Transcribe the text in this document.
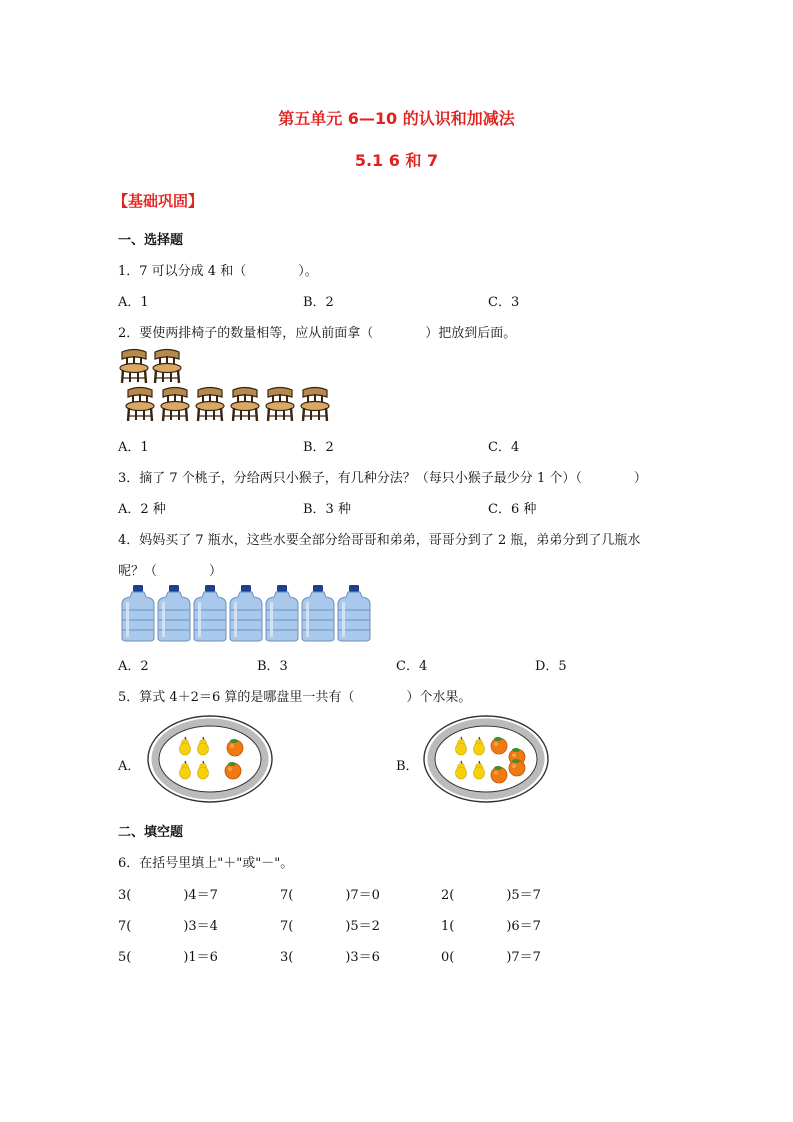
第五单元 6—10 的认识和加减法
5.1 6 和 7
【基础巩固】
一、选择题
1．7 可以分成 4 和（　　　　）。
A．1	B．2	C．3
2．要使两排椅子的数量相等，应从前面拿（　　　　）把放到后面。
A．1	B．2	C．4
3．摘了 7 个桃子，分给两只小猴子，有几种分法？（每只小猴子最少分 1 个）（　　　　）
A．2 种	B．3 种	C．6 种
4．妈妈买了 7 瓶水，这些水要全部分给哥哥和弟弟，哥哥分到了 2 瓶，弟弟分到了几瓶水
呢？（　　　　）
A．2	B．3	C．4	D．5
5．算式 4＋2＝6 算的是哪盘里一共有（　　　　）个水果。
A．	B．
二、填空题
6．在括号里填上"＋"或"－"。
3(　　　　)4＝7	7(　　　　)7＝0	2(　　　　)5＝7
7(　　　　)3＝4	7(　　　　)5＝2	1(　　　　)6＝7
5(　　　　)1＝6	3(　　　　)3＝6	0(　　　　)7＝7
